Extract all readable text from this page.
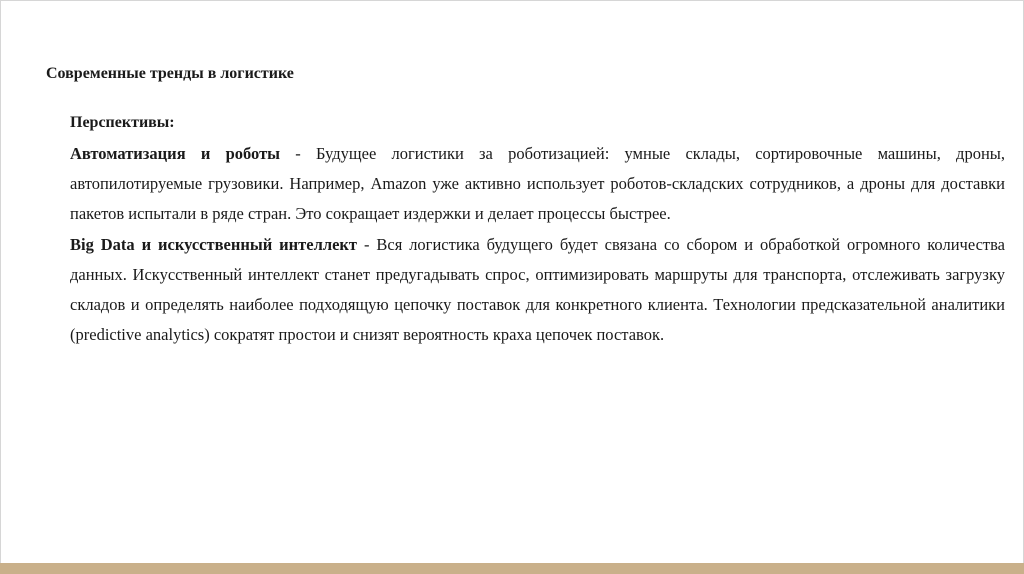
Современные тренды в логистике
Перспективы:

Автоматизация и роботы - Будущее логистики за роботизацией: умные склады, сортировочные машины, дроны, автопилотируемые грузовики. Например, Amazon уже активно использует роботов-складских сотрудников, а дроны для доставки пакетов испытали в ряде стран. Это сокращает издержки и делает процессы быстрее.

Big Data и искусственный интеллект - Вся логистика будущего будет связана со сбором и обработкой огромного количества данных. Искусственный интеллект станет предугадывать спрос, оптимизировать маршруты для транспорта, отслеживать загрузку складов и определять наиболее подходящую цепочку поставок для конкретного клиента. Технологии предсказательной аналитики (predictive analytics) сократят простои и снизят вероятность краха цепочек поставок.
